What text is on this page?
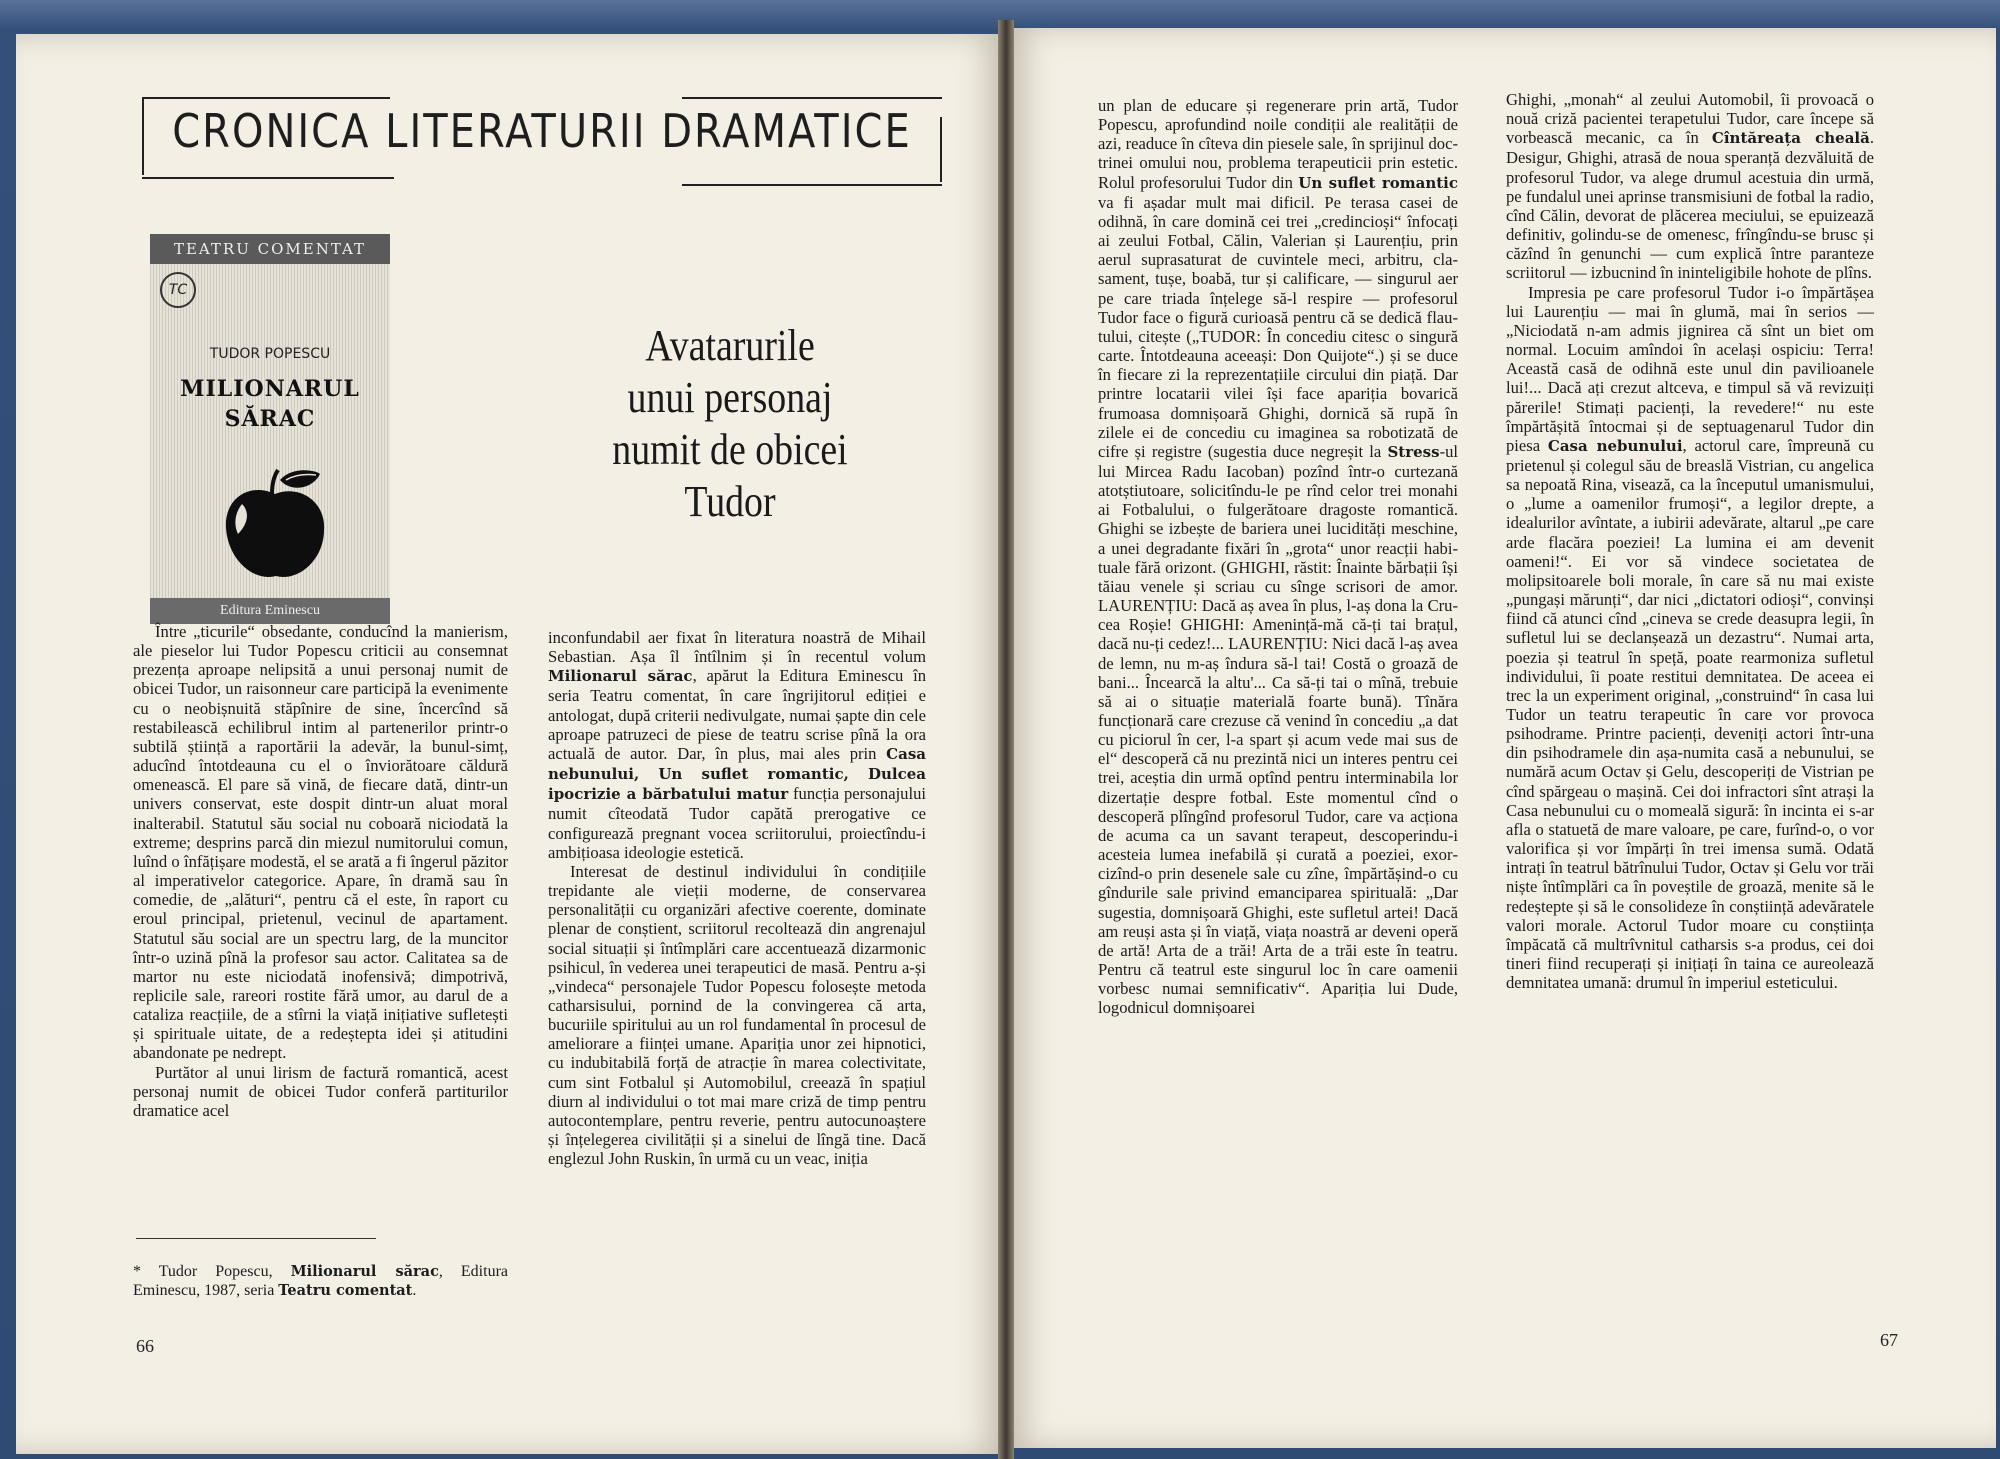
CRONICA LITERATURII DRAMATICE
TEATRU COMENTAT
TC
TUDOR POPESCU
MILIONARUL
SĂRAC
Editura Eminescu
Avatarurile
unui personaj
numit de obicei
Tudor

Între „ticurile“ obsedante, conducînd la manierism, ale pieselor lui Tudor Popescu criticii au consemnat prezența aproape nelipsită a unui personaj numit de obicei Tudor, un raisonneur care participă la evenimente cu o neobișnuită stăpînire de sine, încercînd să restabilească echilibrul intim al partenerilor printr-o subtilă știință a raportării la adevăr, la bunul-simț, aducînd întotdeauna cu el o înviorătoare căldură omenească. El pare să vină, de fiecare dată, dintr-un univers conservat, este dospit dintr-un aluat moral inalterabil. Statutul său social nu coboară niciodată la extreme; desprins parcă din miezul numitorului comun, luînd o înfățișare modestă, el se arată a fi îngerul păzitor al imperativelor categorice. Apare, în dramă sau în comedie, de „alături“, pentru că el este, în raport cu eroul principal, prietenul, vecinul de apartament. Statutul său social are un spectru larg, de la muncitor într-o uzină pînă la profesor sau actor. Calitatea sa de martor nu este niciodată inofensivă; dimpotrivă, replicile sale, rareori rostite fără umor, au darul de a cataliza reacțiile, de a stîrni la viață inițiative sufletești și spirituale uitate, de a redeștepta idei și atitudini abandonate pe nedrept.

Purtător al unui lirism de factură romantică, acest personaj numit de obicei Tudor conferă partiturilor dramatice acel

* Tudor Popescu, Milionarul sărac, Editura Eminescu, 1987, seria Teatru comentat.

inconfundabil aer fixat în literatura noastră de Mihail Sebastian. Așa îl întîlnim și în recentul volum Milionarul sărac, apărut la Editura Eminescu în seria Teatru comentat, în care îngrijitorul ediției e antologat, după criterii nedivulgate, numai șapte din cele aproape patruzeci de piese de teatru scrise pînă la ora actuală de autor. Dar, în plus, mai ales prin Casa nebunului, Un suflet romantic, Dulcea ipocrizie a bărbatului matur funcția personajului numit cîteodată Tudor capătă prerogative ce configurează pregnant vocea scriitorului, proiectîndu-i ambițioasa ideologie estetică.

Interesat de destinul individului în condițiile trepidante ale vieții moderne, de conservarea personalității cu organizări afective coerente, dominate plenar de conștient, scriitorul recoltează din angrenajul social situații și întîmplări care accentuează dizarmonic psihicul, în vederea unei terapeutici de masă. Pentru a-și „vindeca“ personajele Tudor Popescu folosește metoda catharsisului, pornind de la convingerea că arta, bucuriile spiritului au un rol fundamental în procesul de ameliorare a ființei umane. Apariția unor zei hipnotici, cu indubitabilă forță de atracție în marea colectivitate, cum sint Fotbalul și Automobilul, creează în spațiul diurn al individului o tot mai mare criză de timp pentru autocontemplare, pentru reverie, pentru autocunoaștere și înțelegerea civilității și a sinelui de lîngă tine. Dacă englezul John Ruskin, în urmă cu un veac, iniția

un plan de educare și regenerare prin artă, Tudor Popescu, aprofundind noile condiții ale realității de azi, readuce în cîteva din piesele sale, în sprijinul doctrinei omului nou, problema terapeuticii prin estetic. Rolul profesorului Tudor din Un suflet romantic va fi așadar mult mai dificil. Pe terasa casei de odihnă, în care domină cei trei „credincioși“ înfocați ai zeului Fotbal, Călin, Valerian și Laurențiu, prin aerul suprasaturat de cuvintele meci, arbitru, clasament, tușe, boabă, tur și calificare, — singurul aer pe care triada înțelege să-l respire — profesorul Tudor face o figură curioasă pentru că se dedică flautului, citește („TUDOR: În concediu citesc o singură carte. Întotdeauna aceeași: Don Quijote“.) și se duce în fiecare zi la reprezentațiile circului din piață. Dar printre locatarii vilei își face apariția bovarică frumoasa domnișoară Ghighi, dornică să rupă în zilele ei de concediu cu imaginea sa robotizată de cifre și registre (sugestia duce negreșit la Stress-ul lui Mircea Radu Iacoban) pozînd într-o curtezană atotștiutoare, solicitîndu-le pe rînd celor trei monahi ai Fotbalului, o fulgerătoare dragoste romantică. Ghighi se izbește de bariera unei lucidități meschine, a unei degradante fixări în „grota“ unor reacții habituale fără orizont. (GHIGHI, răstit: Înainte bărbații își tăiau venele și scriau cu sînge scrisori de amor. LAURENȚIU: Dacă aș avea în plus, l-aș dona la Crucea Roșie! GHIGHI: Amenință-mă că-ți tai brațul, dacă nu-ți cedez!... LAURENȚIU: Nici dacă l-aș avea de lemn, nu m-aș îndura să-l tai! Costă o groază de bani... Încearcă la altu'... Ca să-ți tai o mînă, trebuie să ai o situație materială foarte bună). Tînăra funcționară care crezuse că venind în concediu „a dat cu piciorul în cer, l-a spart și acum vede mai sus de el“ descoperă că nu prezintă nici un interes pentru cei trei, aceștia din urmă optînd pentru interminabila lor dizertație despre fotbal. Este momentul cînd o descoperă plîngînd profesorul Tudor, care va acționa de acuma ca un savant terapeut, descoperindu-i acesteia lumea inefabilă și curată a poeziei, exorcizînd-o prin desenele sale cu zîne, împărtășind-o cu gîndurile sale privind emanciparea spirituală: „Dar sugestia, domnișoară Ghighi, este sufletul artei! Dacă am reuși asta și în viață, viața noastră ar deveni operă de artă! Arta de a trăi! Arta de a trăi este în teatru. Pentru că teatrul este singurul loc în care oamenii vorbesc numai semnificativ“. Apariția lui Dude, logodnicul domnișoarei

Ghighi, „monah“ al zeului Automobil, îi provoacă o nouă criză pacientei terapetului Tudor, care începe să vorbească mecanic, ca în Cîntăreața cheală. Desigur, Ghighi, atrasă de noua speranță dezvăluită de profesorul Tudor, va alege drumul acestuia din urmă, pe fundalul unei aprinse transmisiuni de fotbal la radio, cînd Călin, devorat de plăcerea meciului, se epuizează definitiv, golindu-se de omenesc, frîngîndu-se brusc și căzînd în genunchi — cum explică între paranteze scriitorul — izbucnind în ininteligibile hohote de plîns.

Impresia pe care profesorul Tudor i-o împărtășea lui Laurențiu — mai în glumă, mai în serios — „Niciodată n-am admis jignirea că sînt un biet om normal. Locuim amîndoi în același ospiciu: Terra! Această casă de odihnă este unul din pavilioanele lui!... Dacă ați crezut altceva, e timpul să vă revizuiți părerile! Stimați pacienți, la revedere!“ nu este împărtășită întocmai și de septuagenarul Tudor din piesa Casa nebunului, actorul care, împreună cu prietenul și colegul său de breaslă Vistrian, cu angelica sa nepoată Rina, visează, ca la începutul umanismului, o „lume a oamenilor frumoși“, a legilor drepte, a idealurilor avîntate, a iubirii adevărate, altarul „pe care arde flacăra poeziei! La lumina ei am devenit oameni!“. Ei vor să vindece societatea de molipsitoarele boli morale, în care să nu mai existe „pungași mărunți“, dar nici „dictatori odioși“, convinși fiind că atunci cînd „cineva se crede deasupra legii, în sufletul lui se declanșează un dezastru“. Numai arta, poezia și teatrul în speță, poate rearmoniza sufletul individului, îi poate restitui demnitatea. De aceea ei trec la un experiment original, „construind“ în casa lui Tudor un teatru terapeutic în care vor provoca psihodrame. Printre pacienți, deveniți actori într-una din psihodramele din așa-numita casă a nebunului, se numără acum Octav și Gelu, descoperiți de Vistrian pe cînd spărgeau o mașină. Cei doi infractori sînt atrași la Casa nebunului cu o momeală sigură: în incinta ei s-ar afla o statuetă de mare valoare, pe care, furînd-o, o vor valorifica și vor împărți în trei imensa sumă. Odată intrați în teatrul bătrînului Tudor, Octav și Gelu vor trăi niște întîmplări ca în poveștile de groază, menite să le redeștepte și să le consolideze în conștiință adevăratele valori morale. Actorul Tudor moare cu conștiința împăcată că multrîvnitul catharsis s-a produs, cei doi tineri fiind recuperați și inițiați în taina ce aureolează demnitatea umană: drumul în imperiul esteticului.

66	67
